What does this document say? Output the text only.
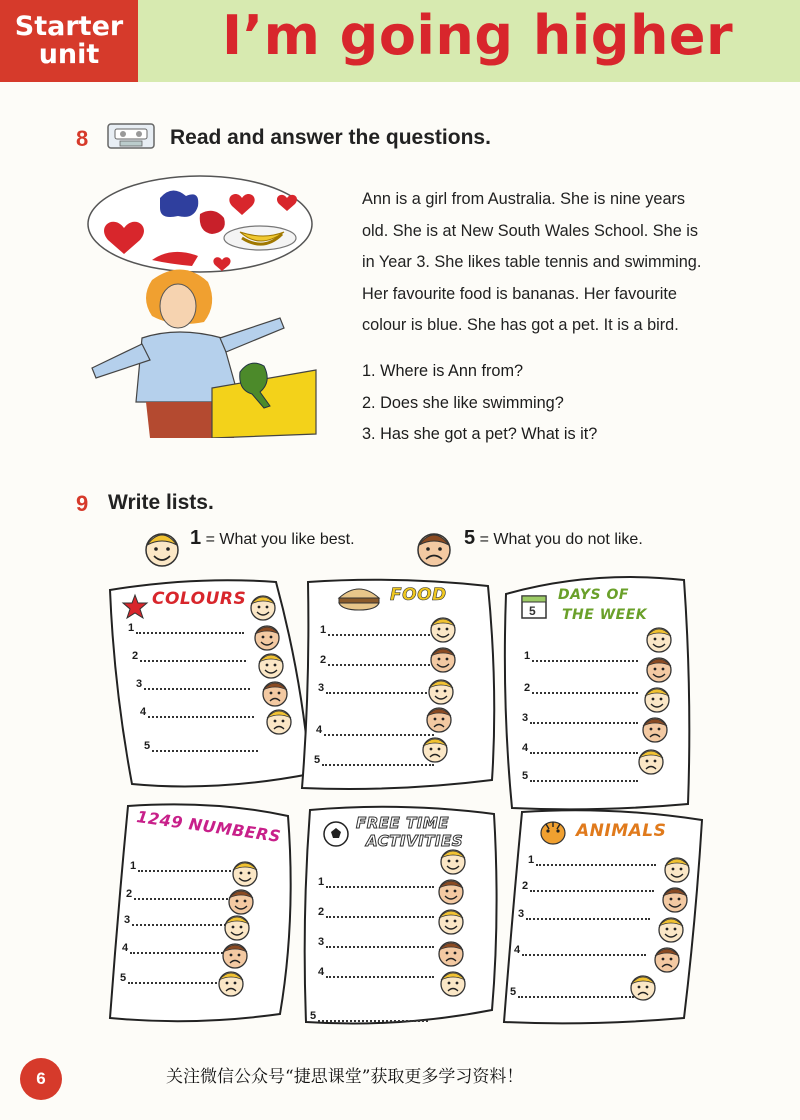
Starter
unit	I’m going higher
8	Read and answer the questions.

Ann is a girl from Australia. She is nine years

old. She is at New South Wales School. She is

in Year 3. She likes table tennis and swimming.

Her favourite food is bananas. Her favourite

colour is blue. She has got a pet. It is a bird.

1. Where is Ann from?
2. Does she like swimming?
3. Has she got a pet? What is it?
9 Write lists.
1 = What you like best.	5 = What you do not like.
COLOURS
1
2
3
4
5
FOOD
1
2
3
4
5
5
DAYS OF
THE WEEK
1
2
3
4
5
1249 NUMBERS
1
2
3
4
5
FREE TIME
ACTIVITIES
1
2
3
4
5
ANIMALS
1
2
3
4
5
6	关注微信公众号“捷思课堂”获取更多学习资料！
